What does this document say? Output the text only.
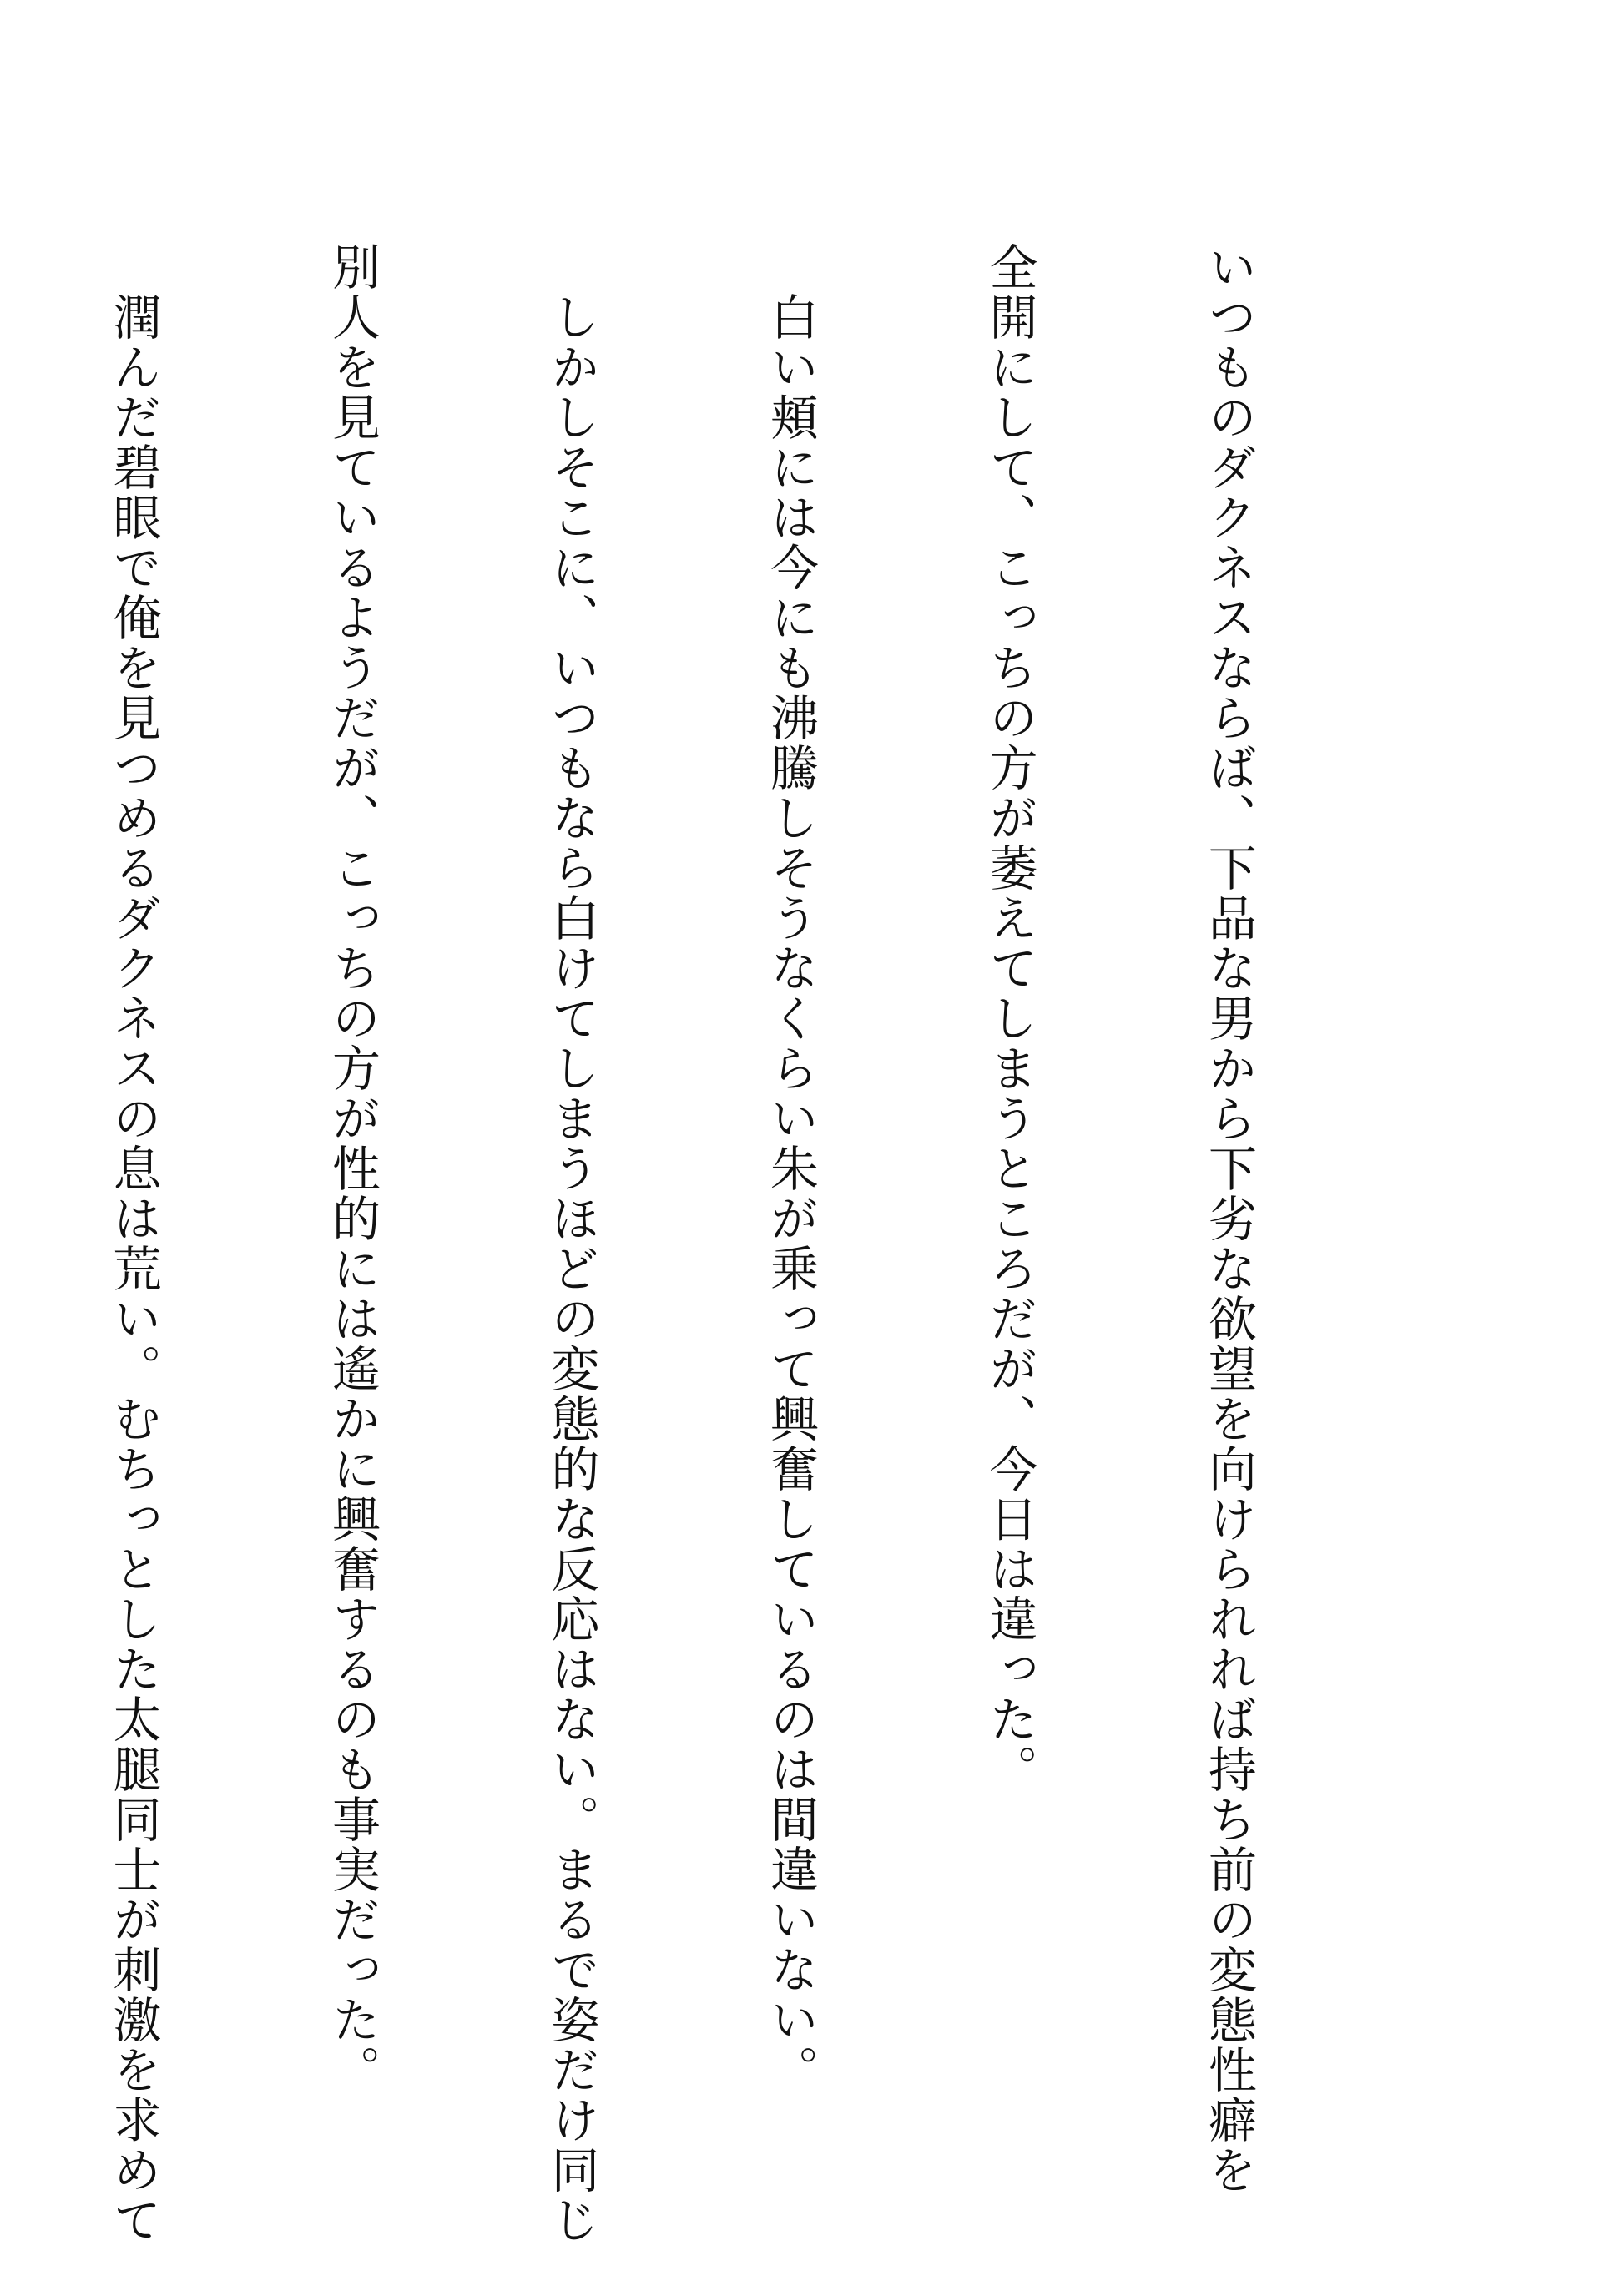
いつものダクネスならば、下品な男から下劣な欲望を向けられれば持ち前の変態性癖を

全開にして、こっちの方が萎えてしまうところだが、今日は違った。

　白い頬には今にも沸騰しそうなくらい朱が乗って興奮しているのは間違いない。

　しかしそこに、いつもなら白けてしまうほどの変態的な反応はない。まるで姿だけ同じ

別人を見ているようだが、こっちの方が性的には遙かに興奮するのも事実だった。

　潤んだ碧眼で俺を見つめるダクネスの息は荒い。むちっとした太腿同士が刺激を求めて
